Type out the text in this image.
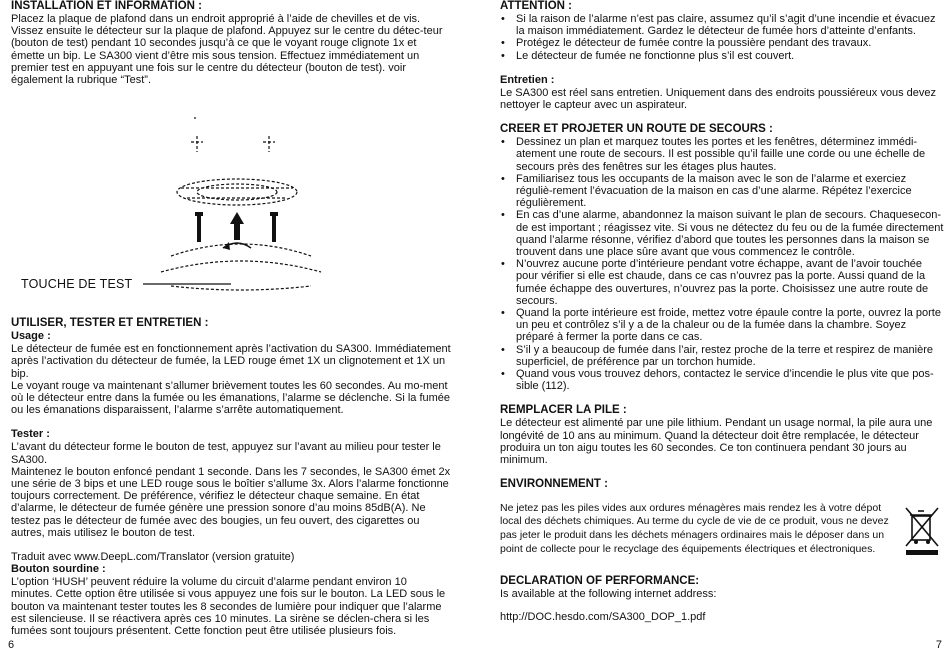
INSTALLATION ET INFORMATION :

Placez la plaque de plafond dans un endroit approprié à l’aide de chevilles et de vis. Vissez ensuite le détecteur sur la plaque de plafond. Appuyez sur le centre du détec-teur (bouton de test) pendant 10 secondes jusqu’à ce que le voyant rouge clignote 1x et émette un bip. Le SA300 vient d’être mis sous tension. Effectuez immédiatement un premier test en appuyant une fois sur le centre du détecteur (bouton de test). voir également la rubrique “Test”.

TOUCHE DE TEST

UTILISER, TESTER ET ENTRETIEN :

Usage :

Le détecteur de fumée est en fonctionnement après l’activation du SA300. Immédiatement après l’activation du détecteur de fumée, la LED rouge émet 1X un clignotement et 1X un bip.

Le voyant rouge va maintenant s’allumer brièvement toutes les 60 secondes. Au mo-ment où le détecteur entre dans la fumée ou les émanations, l’alarme se déclenche. Si la fumée ou les émanations disparaissent, l’alarme s’arrête automatiquement.

Tester :

L’avant du détecteur forme le bouton de test, appuyez sur l’avant au milieu pour tester le SA300.

Maintenez le bouton enfoncé pendant 1 seconde. Dans les 7 secondes, le SA300 émet 2x une série de 3 bips et une LED rouge sous le boîtier s’allume 3x. Alors l’alarme fonctionne toujours correctement. De préférence, vérifiez le détecteur chaque semaine. En état d’alarme, le détecteur de fumée génère une pression sonore d’au moins 85dB(A). Ne testez pas le détecteur de fumée avec des bougies, un feu ouvert, des cigarettes ou autres, mais utilisez le bouton de test.

Traduit avec www.DeepL.com/Translator (version gratuite)

Bouton sourdine :

L’option ‘HUSH’ peuvent réduire la volume du circuit d’alarme pendant environ 10 minutes. Cette option être utilisée si vous appuyez une fois sur le bouton. La LED sous le bouton va maintenant tester toutes les 8 secondes de lumière pour indiquer que l’alarme est silencieuse. Il se réactivera après ces 10 minutes. La sirène se déclen-chera si les fumées sont toujours présentent. Cette fonction peut être utilisée plusieurs fois.

6

ATTENTION :

• Si la raison de l’alarme n’est pas claire, assumez qu’il s’agit d’une incendie et évacuez la maison immédiatement. Gardez le détecteur de fumée hors d’atteinte d’enfants.
• Protégez le détecteur de fumée contre la poussière pendant des travaux.
• Le détecteur de fumée ne fonctionne plus s’il est couvert.

Entretien :

Le SA300 est réel sans entretien. Uniquement dans des endroits poussiéreux vous devez nettoyer le capteur avec un aspirateur.

CREER ET PROJETER UN ROUTE DE SECOURS :

• Dessinez un plan et marquez toutes les portes et les fenêtres, déterminez immédi-atement une route de secours. Il est possible qu’il faille une corde ou une échelle de secours près des fenêtres sur les étages plus hautes.
• Familiarisez tous les occupants de la maison avec le son de l’alarme et exerciez réguliè-rement l’évacuation de la maison en cas d’une alarme. Répétez l’exercice régulièrement.
• En cas d’une alarme, abandonnez la maison suivant le plan de secours. Chaquesecon-de est important ; réagissez vite. Si vous ne détectez du feu ou de la fumée directement quand l’alarme résonne, vérifiez d’abord que toutes les personnes dans la maison se trouvent dans une place sûre avant que vous commencez le contrôle.
• N’ouvrez aucune porte d’intérieure pendant votre échappe, avant de l’avoir touchée pour vérifier si elle est chaude, dans ce cas n’ouvrez pas la porte. Aussi quand de la fumée échappe des ouvertures, n’ouvrez pas la porte. Choisissez une autre route de secours.
• Quand la porte intérieure est froide, mettez votre épaule contre la porte, ouvrez la porte un peu et contrôlez s’il y a de la chaleur ou de la fumée dans la chambre. Soyez préparé à fermer la porte dans ce cas.
• S’il y a beaucoup de fumée dans l’air, restez proche de la terre et respirez de manière superficiel, de préférence par un torchon humide.
• Quand vous vous trouvez dehors, contactez le service d’incendie le plus vite que pos-sible (112).

REMPLACER LA PILE :

Le détecteur est alimenté par une pile lithium. Pendant un usage normal, la pile aura une longévité de 10 ans au minimum. Quand la détecteur doit être remplacée, le détecteur produira un ton aigu toutes les 60 secondes. Ce ton continuera pendant 30 jours au minimum.

ENVIRONNEMENT :

Ne jetez pas les piles vides aux ordures ménagères mais rendez les à votre dépot local des déchets chimiques. Au terme du cycle de vie de ce produit, vous ne devez pas jeter le produit dans les déchets ménagers ordinaires mais le déposer dans un point de collecte pour le recyclage des équipements électriques et électroniques.

DECLARATION OF PERFORMANCE:

Is available at the following internet address:

http://DOC.hesdo.com/SA300_DOP_1.pdf

7
